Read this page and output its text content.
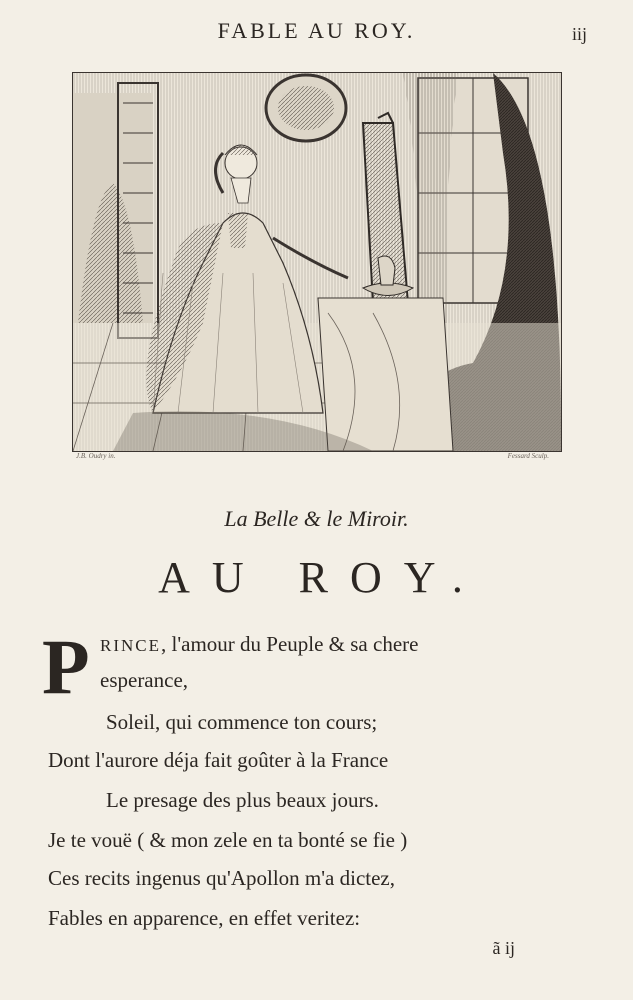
FABLE AU ROY.	iij
J.B. Oudry in.	Fessard Sculp.
La Belle & le Miroir.
AU ROY.
P RINCE, l'amour du Peuple & sa chere
esperance,
Soleil, qui commence ton cours;
Dont l'aurore déja fait goûter à la France
Le presage des plus beaux jours.
Je te vouë ( & mon zele en ta bonté se fie )
Ces recits ingenus qu'Apollon m'a dictez,
Fables en apparence, en effet veritez:
ã ij
